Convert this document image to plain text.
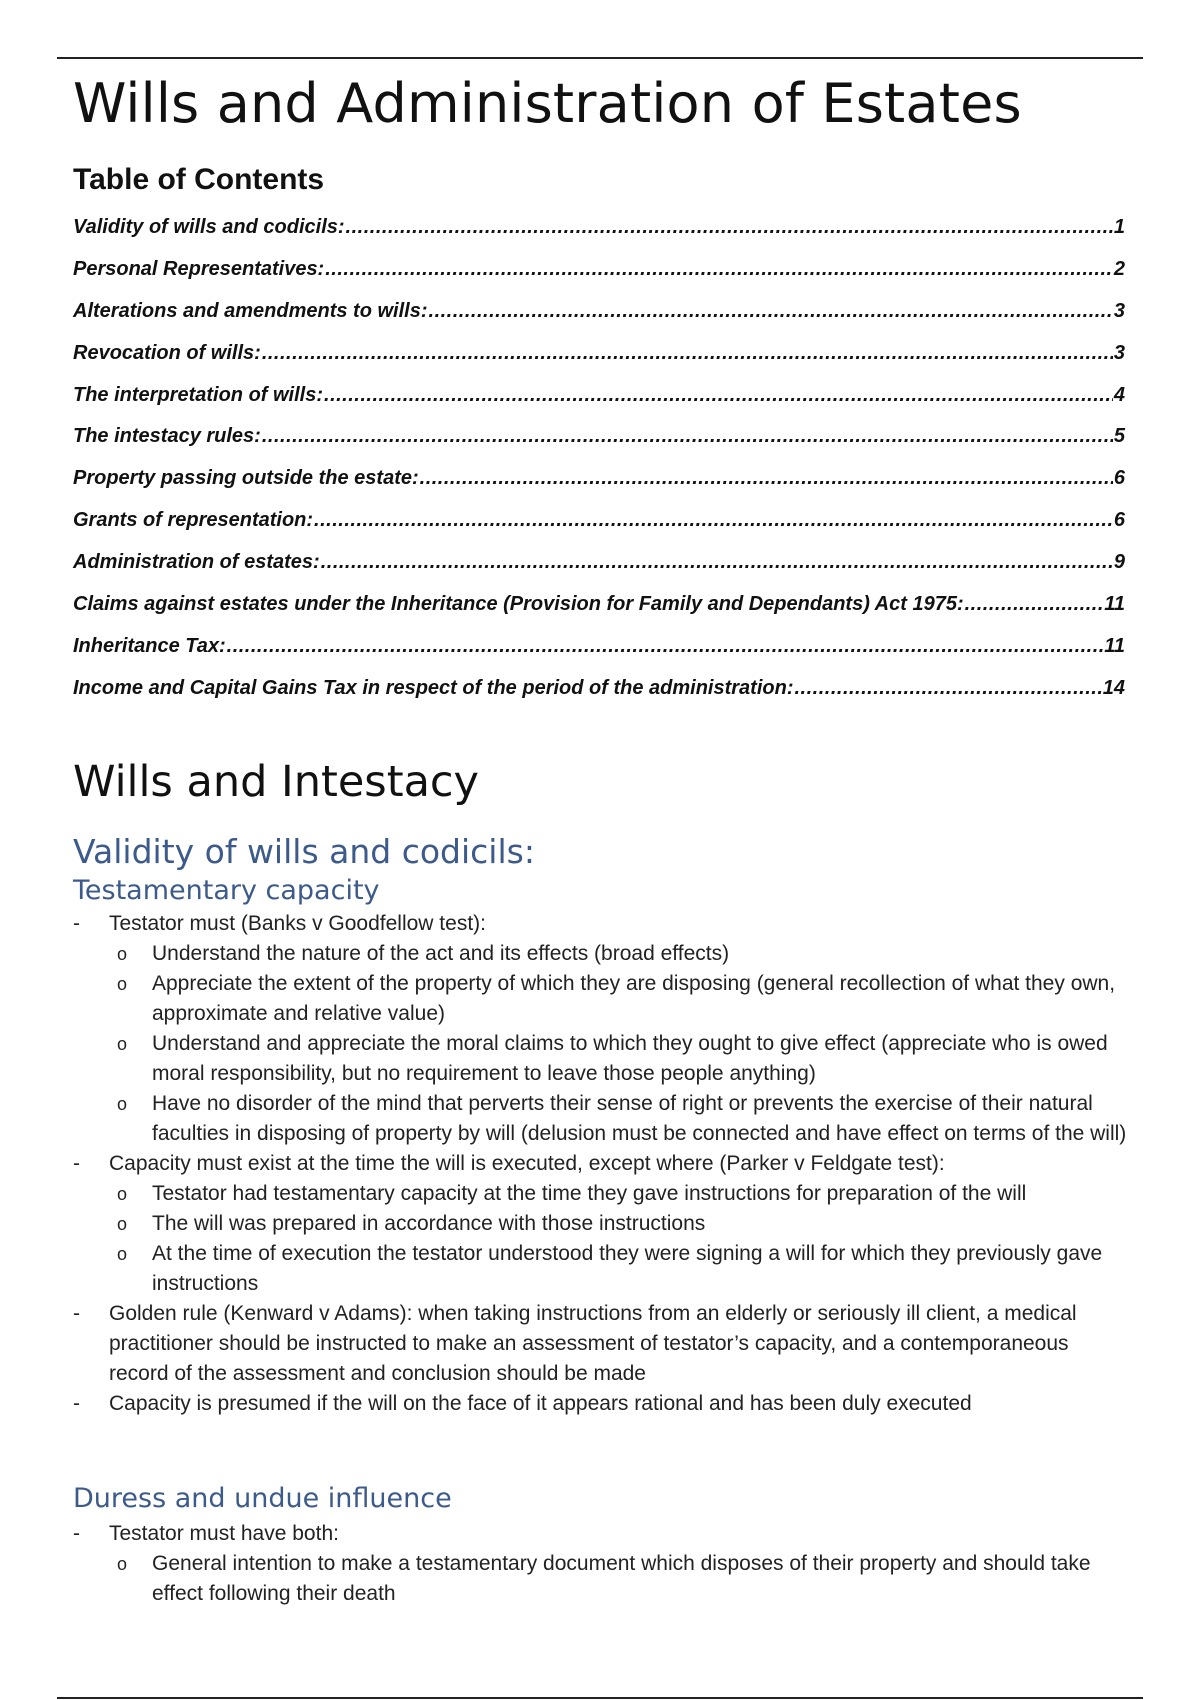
Wills and Administration of Estates
Table of Contents
Validity of wills and codicils: .....	1
Personal Representatives: .....	2
Alterations and amendments to wills: .....	3
Revocation of wills: .....	3
The interpretation of wills: .....	4
The intestacy rules: .....	5
Property passing outside the estate: .....	6
Grants of representation: .....	6
Administration of estates: .....	9
Claims against estates under the Inheritance (Provision for Family and Dependants) Act 1975: .....	11
Inheritance Tax: .....	11
Income and Capital Gains Tax in respect of the period of the administration: .....	14
Wills and Intestacy
Validity of wills and codicils:
Testamentary capacity

-	Testator must (Banks v Goodfellow test):

o	Understand the nature of the act and its effects (broad effects)

o	Appreciate the extent of the property of which they are disposing (general recollection of what they own, approximate and relative value)

o	Understand and appreciate the moral claims to which they ought to give effect (appreciate who is owed moral responsibility, but no requirement to leave those people anything)

o	Have no disorder of the mind that perverts their sense of right or prevents the exercise of their natural faculties in disposing of property by will (delusion must be connected and have effect on terms of the will)

-	Capacity must exist at the time the will is executed, except where (Parker v Feldgate test):

o	Testator had testamentary capacity at the time they gave instructions for preparation of the will

o	The will was prepared in accordance with those instructions

o	At the time of execution the testator understood they were signing a will for which they previously gave instructions

-	Golden rule (Kenward v Adams): when taking instructions from an elderly or seriously ill client, a medical practitioner should be instructed to make an assessment of testator’s capacity, and a contemporaneous record of the assessment and conclusion should be made

-	Capacity is presumed if the will on the face of it appears rational and has been duly executed

Duress and undue influence

-	Testator must have both:

o	General intention to make a testamentary document which disposes of their property and should take effect following their death
